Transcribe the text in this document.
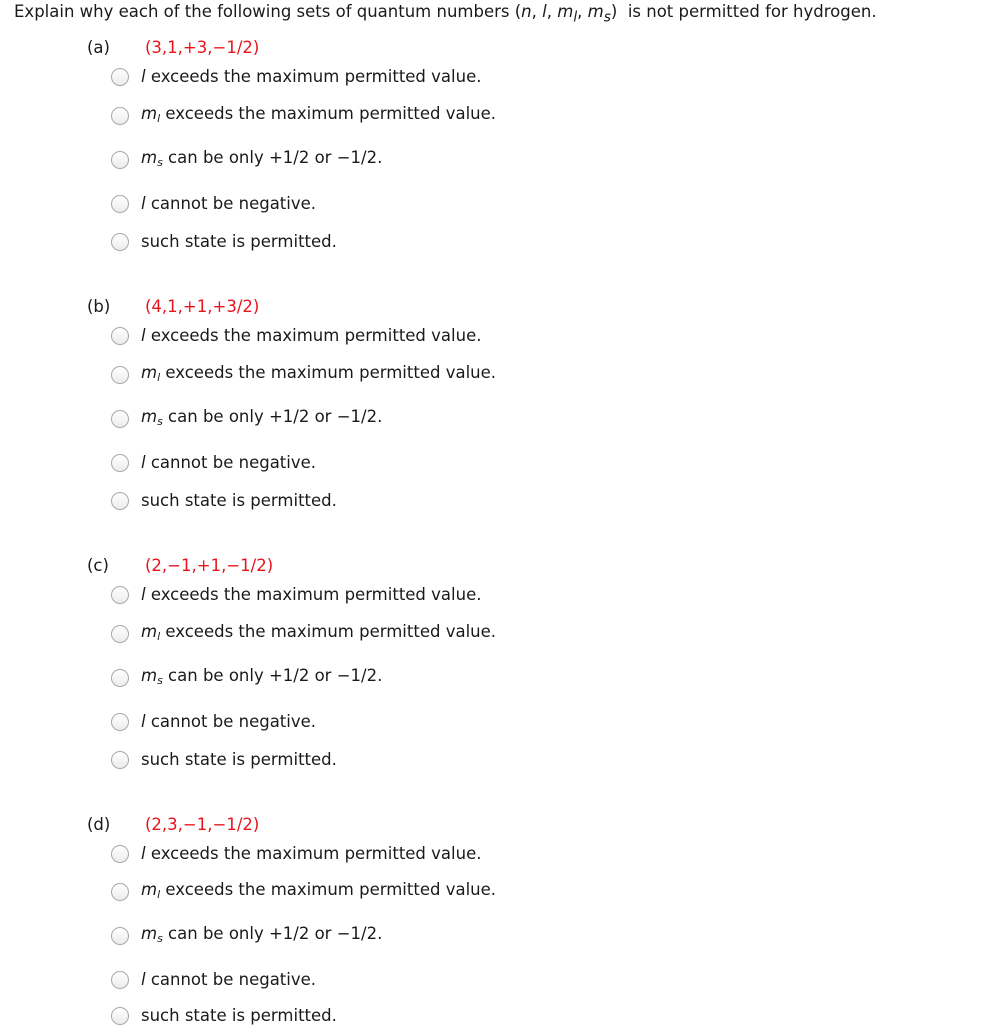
Explain why each of the following sets of quantum numbers (n, l, $m_l$, $m_s$)  is not permitted for hydrogen.
(a) (3,1,+3,−1/2)
l exceeds the maximum permitted value.
$m_l$ exceeds the maximum permitted value.
$m_s$ can be only +1/2 or −1/2.
l cannot be negative.
such state is permitted.
(b) (4,1,+1,+3/2)
l exceeds the maximum permitted value.
$m_l$ exceeds the maximum permitted value.
$m_s$ can be only +1/2 or −1/2.
l cannot be negative.
such state is permitted.
(c) (2,−1,+1,−1/2)
l exceeds the maximum permitted value.
$m_l$ exceeds the maximum permitted value.
$m_s$ can be only +1/2 or −1/2.
l cannot be negative.
such state is permitted.
(d) (2,3,−1,−1/2)
l exceeds the maximum permitted value.
$m_l$ exceeds the maximum permitted value.
$m_s$ can be only +1/2 or −1/2.
l cannot be negative.
such state is permitted.
